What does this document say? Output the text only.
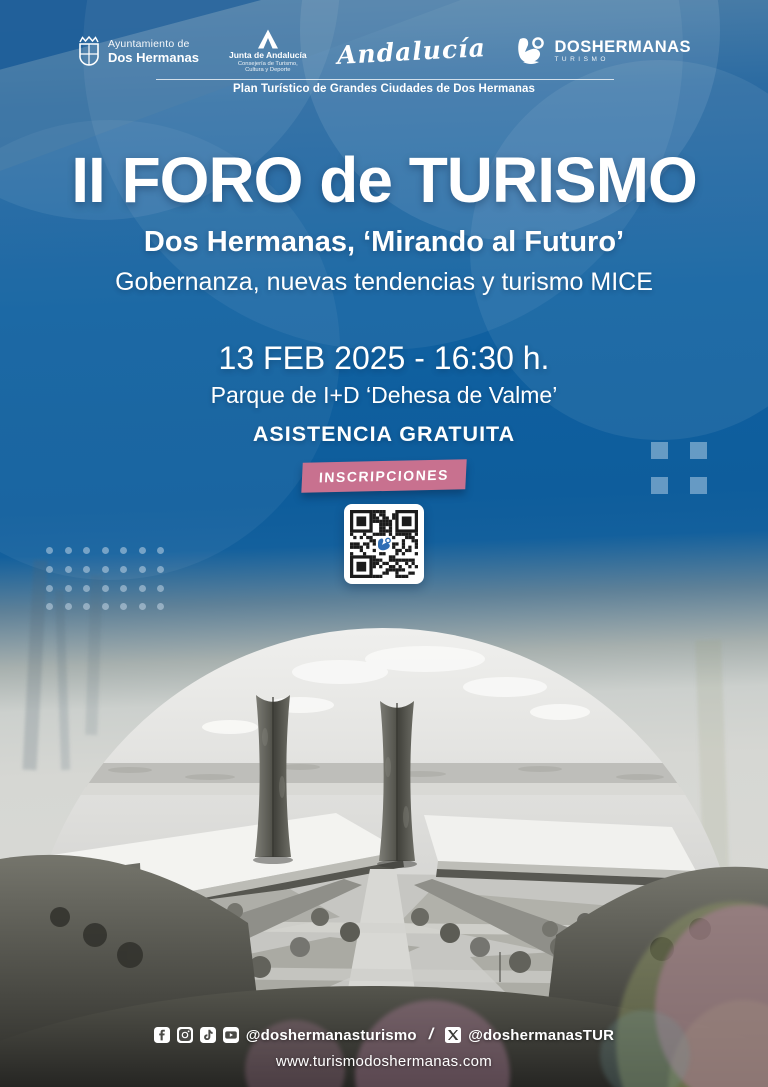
Ayuntamiento de
Dos Hermanas	Junta de Andalucía
Consejería de Turismo,
Cultura y Deporte
Andalucía	DOSHERMANAS
TURISMO
Plan Turístico de Grandes Ciudades de Dos Hermanas
II FORO de TURISMO
Dos Hermanas, ‘Mirando al Futuro’
Gobernanza, nuevas tendencias y turismo MICE
13 FEB 2025 - 16:30 h.
Parque de I+D ‘Dehesa de Valme’
ASISTENCIA GRATUITA
INSCRIPCIONES
@doshermanasturismo / @doshermanasTUR
www.turismodoshermanas.com
